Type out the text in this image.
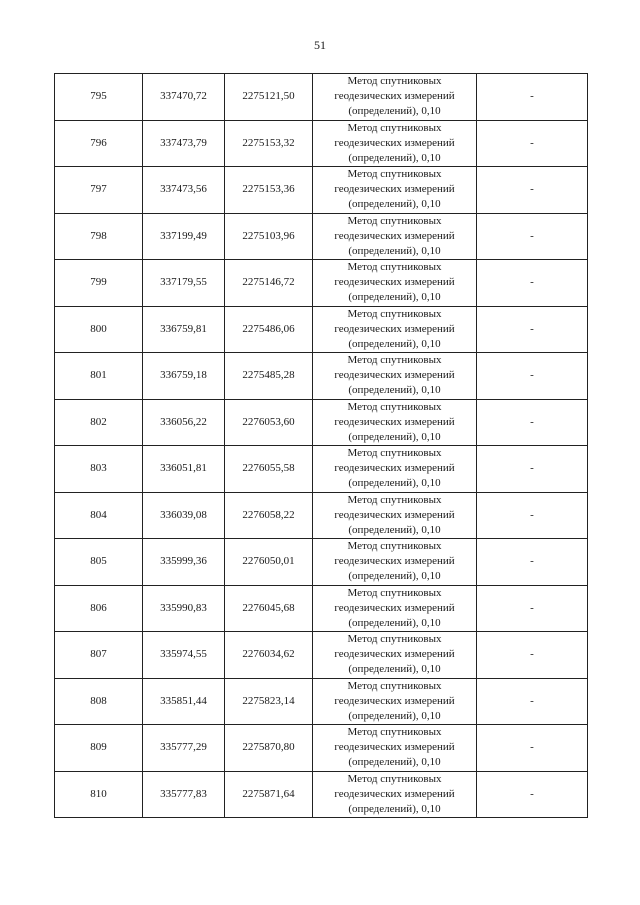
51
795	337470,72	2275121,50	Метод спутниковых
геодезических измерений
(определений), 0,10	-
796	337473,79	2275153,32	Метод спутниковых
геодезических измерений
(определений), 0,10	-
797	337473,56	2275153,36	Метод спутниковых
геодезических измерений
(определений), 0,10	-
798	337199,49	2275103,96	Метод спутниковых
геодезических измерений
(определений), 0,10	-
799	337179,55	2275146,72	Метод спутниковых
геодезических измерений
(определений), 0,10	-
800	336759,81	2275486,06	Метод спутниковых
геодезических измерений
(определений), 0,10	-
801	336759,18	2275485,28	Метод спутниковых
геодезических измерений
(определений), 0,10	-
802	336056,22	2276053,60	Метод спутниковых
геодезических измерений
(определений), 0,10	-
803	336051,81	2276055,58	Метод спутниковых
геодезических измерений
(определений), 0,10	-
804	336039,08	2276058,22	Метод спутниковых
геодезических измерений
(определений), 0,10	-
805	335999,36	2276050,01	Метод спутниковых
геодезических измерений
(определений), 0,10	-
806	335990,83	2276045,68	Метод спутниковых
геодезических измерений
(определений), 0,10	-
807	335974,55	2276034,62	Метод спутниковых
геодезических измерений
(определений), 0,10	-
808	335851,44	2275823,14	Метод спутниковых
геодезических измерений
(определений), 0,10	-
809	335777,29	2275870,80	Метод спутниковых
геодезических измерений
(определений), 0,10	-
810	335777,83	2275871,64	Метод спутниковых
геодезических измерений
(определений), 0,10	-
